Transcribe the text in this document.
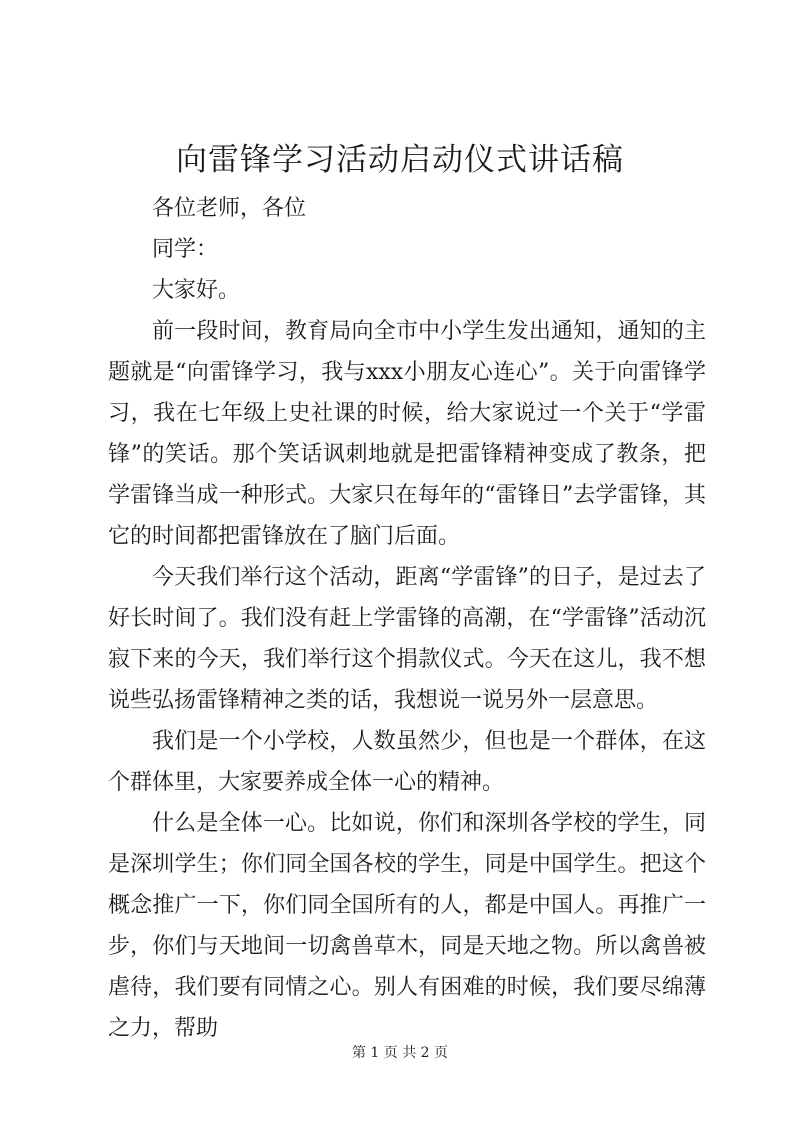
向雷锋学习活动启动仪式讲话稿

各位老师，各位

同学：

大家好。

前一段时间，教育局向全市中小学生发出通知，通知的主题就是“向雷锋学习，我与xxx小朋友心连心”。关于向雷锋学习，我在七年级上史社课的时候，给大家说过一个关于“学雷锋”的笑话。那个笑话讽刺地就是把雷锋精神变成了教条，把学雷锋当成一种形式。大家只在每年的“雷锋日”去学雷锋，其它的时间都把雷锋放在了脑门后面。

今天我们举行这个活动，距离“学雷锋”的日子，是过去了好长时间了。我们没有赶上学雷锋的高潮，在“学雷锋”活动沉寂下来的今天，我们举行这个捐款仪式。今天在这儿，我不想说些弘扬雷锋精神之类的话，我想说一说另外一层意思。

我们是一个小学校，人数虽然少，但也是一个群体，在这个群体里，大家要养成全体一心的精神。

什么是全体一心。比如说，你们和深圳各学校的学生，同是深圳学生；你们同全国各校的学生，同是中国学生。把这个概念推广一下，你们同全国所有的人，都是中国人。再推广一步，你们与天地间一切禽兽草木，同是天地之物。所以禽兽被虐待，我们要有同情之心。别人有困难的时候，我们要尽绵薄之力，帮助

第 1 页 共 2 页
